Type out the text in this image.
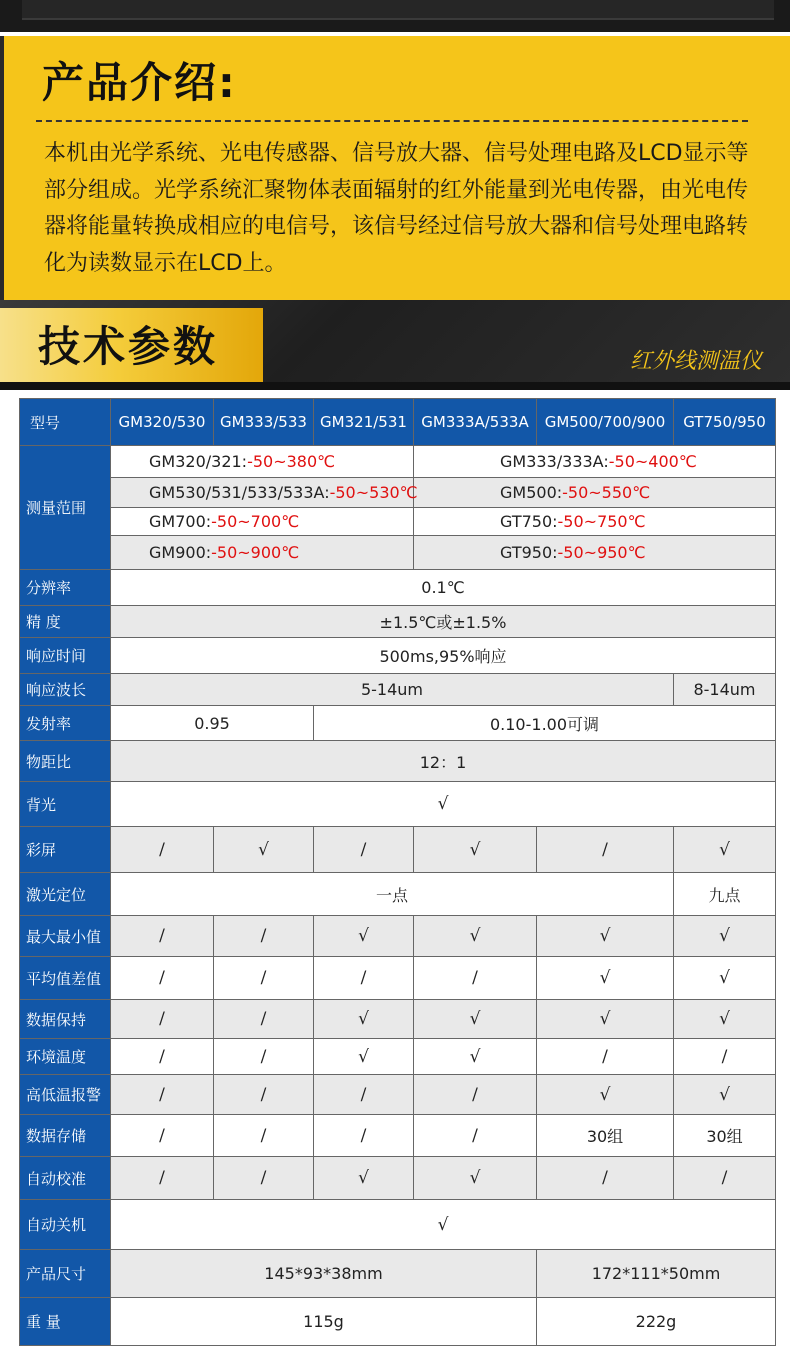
产品介绍:

本机由光学系统、光电传感器、信号放大器、信号处理电路及LCD显示等部分组成。光学系统汇聚物体表面辐射的红外能量到光电传器，由光电传器将能量转换成相应的电信号，该信号经过信号放大器和信号处理电路转化为读数显示在LCD上。

技术参数	红外线测温仪
型号	GM320/530	GM333/533	GM321/531	GM333A/533A	GM500/700/900	GT750/950
测量范围	GM320/321:-50~380℃			GM333/333A:-50~400℃		
	GM530/531/533/533A:-50~530℃			GM500:-50~550℃		
	GM700:-50~700℃			GT750:-50~750℃		
	GM900:-50~900℃			GT950:-50~950℃		
分辨率	0.1℃					
精 度	±1.5℃或±1.5%					
响应时间	500ms,95%响应					
响应波长	5-14um					8-14um
发射率	0.95		0.10-1.00可调			
物距比	12：1					
背光	√					
彩屏	/	√	/	√	/	√
激光定位	一点					九点
最大最小值	/	/	√	√	√	√
平均值差值	/	/	/	/	√	√
数据保持	/	/	√	√	√	√
环境温度	/	/	√	√	/	/
高低温报警	/	/	/	/	√	√
数据存储	/	/	/	/	30组	30组
自动校准	/	/	√	√	/	/
自动关机	√					
产品尺寸	145*93*38mm				172*111*50mm	
重 量	115g				222g	
